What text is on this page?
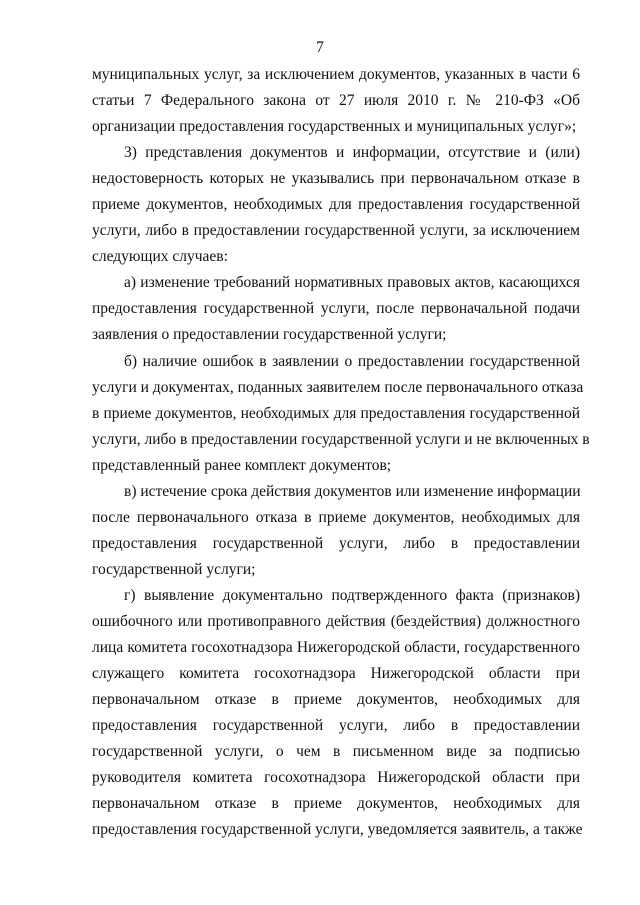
7
муниципальных услуг, за исключением документов, указанных в части 6
статьи 7 Федерального закона от 27 июля 2010 г. № 210-ФЗ «Об
организации предоставления государственных и муниципальных услуг»;
3) представления документов и информации, отсутствие и (или)
недостоверность которых не указывались при первоначальном отказе в
приеме документов, необходимых для предоставления государственной
услуги, либо в предоставлении государственной услуги, за исключением
следующих случаев:
а) изменение требований нормативных правовых актов, касающихся
предоставления государственной услуги, после первоначальной подачи
заявления о предоставлении государственной услуги;
б) наличие ошибок в заявлении о предоставлении государственной
услуги и документах, поданных заявителем после первоначального отказа
в приеме документов, необходимых для предоставления государственной
услуги, либо в предоставлении государственной услуги и не включенных в
представленный ранее комплект документов;
в) истечение срока действия документов или изменение информации
после первоначального отказа в приеме документов, необходимых для
предоставления государственной услуги, либо в предоставлении
государственной услуги;
г) выявление документально подтвержденного факта (признаков)
ошибочного или противоправного действия (бездействия) должностного
лица комитета госохотнадзора Нижегородской области, государственного
служащего комитета госохотнадзора Нижегородской области при
первоначальном отказе в приеме документов, необходимых для
предоставления государственной услуги, либо в предоставлении
государственной услуги, о чем в письменном виде за подписью
руководителя комитета госохотнадзора Нижегородской области при
первоначальном отказе в приеме документов, необходимых для
предоставления государственной услуги, уведомляется заявитель, а также
